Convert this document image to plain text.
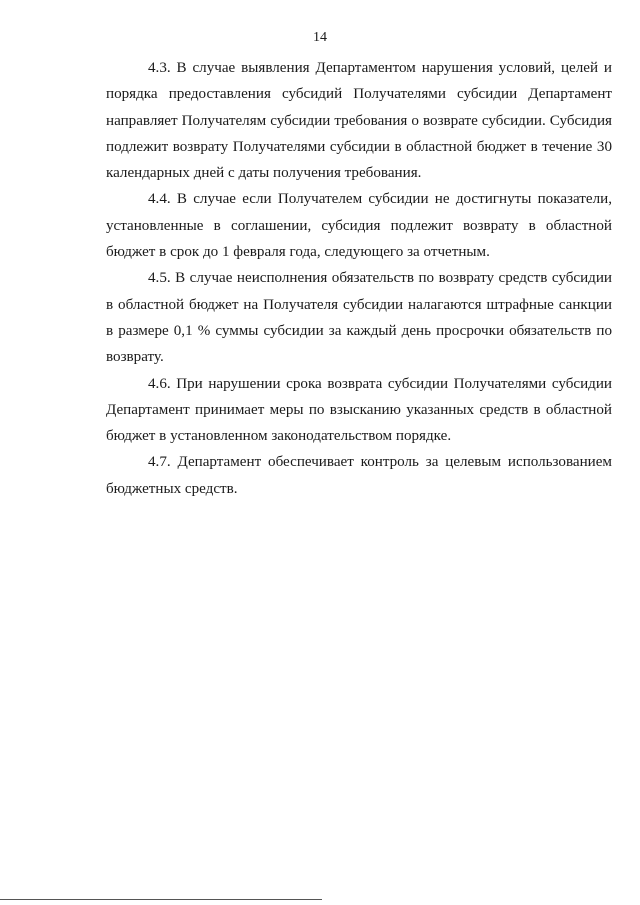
14

4.3. В случае выявления Департаментом нарушения условий, целей и порядка предоставления субсидий Получателями субсидии Департамент направляет Получателям субсидии требования о возврате субсидии. Субсидия подлежит возврату Получателями субсидии в областной бюджет в течение 30 календарных дней с даты получения требования.

4.4. В случае если Получателем субсидии не достигнуты показатели, установленные в соглашении, субсидия подлежит возврату в областной бюджет в срок до 1 февраля года, следующего за отчетным.

4.5. В случае неисполнения обязательств по возврату средств субсидии в областной бюджет на Получателя субсидии налагаются штрафные санкции в размере 0,1 % суммы субсидии за каждый день просрочки обязательств по возврату.

4.6. При нарушении срока возврата субсидии Получателями субсидии Департамент принимает меры по взысканию указанных средств в областной бюджет в установленном законодательством порядке.

4.7. Департамент обеспечивает контроль за целевым использованием бюджетных средств.
